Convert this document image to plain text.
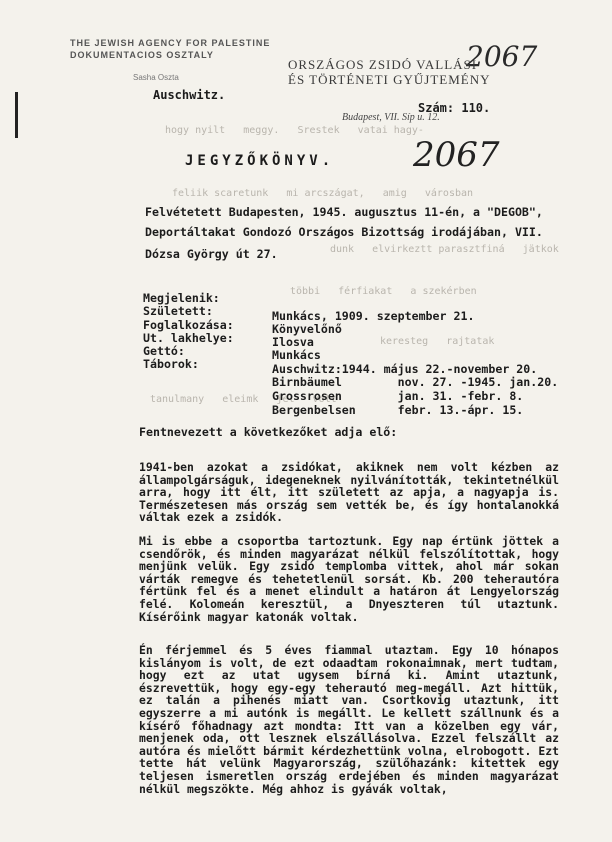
hogy nyilt   meggy.   Srestek   vatai hagy-
feliik scaretunk   mi arcszágat,   amig   városban
dunk   elvirkeztt parasztfiná   jätkok
többi   férfiakat   a szekérben
keresteg   rajtatak
tanulmany   eleimk   jel   volt
THE JEWISH AGENCY FOR PALESTINE
DOKUMENTACIOS OSZTALY
Sasha Oszta
2067
Auschwitz.
ORSZÁGOS ZSIDÓ VALLÁSI
ÉS TÖRTÉNETI GYŰJTEMÉNY
Szám: 110.
Budapest, VII. Síp u. 12.
JEGYZŐKÖNYV. 2067
Felvétetett Budapesten, 1945. augusztus 11-én, a "DEGOB",
Deportáltakat Gondozó Országos Bizottság irodájában, VII.
Dózsa György út 27.
Megjelenik:
Született:	Munkács, 1909. szeptember 21.
Foglalkozása:	Könyvelőnő
Ut. lakhelye:	Ilosva
Gettó:	Munkács
Táborok:	Auschwitz:1944. május 22.-november 20.
Birnbäumel        nov. 27. -1945. jan.20.
Grossrosen        jan. 31. -febr. 8.
Bergenbelsen      febr. 13.-ápr. 15.
Fentnevezett a következőket adja elő:
1941-ben azokat a zsidókat, akiknek nem volt kézben az állampolgárságuk, idegeneknek nyilvánították, tekintetnélkül arra, hogy itt élt, itt született az apja, a nagyapja is. Természetesen más ország sem vették be, és így hontalanokká váltak ezek a zsidók.
Mi is ebbe a csoportba tartoztunk. Egy nap értünk jöttek a csendőrök, és minden magyarázat nélkül felszólítottak, hogy menjünk velük. Egy zsidó templomba vittek, ahol már sokan várták remegve és tehetetlenül sorsát. Kb. 200 teherautóra fértünk fel és a menet elindult a határon át Lengyelország felé. Kolomeán keresztül, a Dnyeszteren túl utaztunk. Kísérőink magyar katonák voltak.
Én férjemmel és 5 éves fiammal utaztam. Egy 10 hónapos kislányom is volt, de ezt odaadtam rokonaimnak, mert tudtam, hogy ezt az utat ugysem bírná ki. Amint utaztunk, észrevettük, hogy egy-egy teherautó meg-megáll. Azt hittük, ez talán a pihenés miatt van. Csortkovig utaztunk, itt egyszerre a mi autónk is megállt. Le kellett szállnunk és a kísérő főhadnagy azt mondta: Itt van a közelben egy vár, menjenek oda, ott lesznek elszállásolva. Ezzel felszállt az autóra és mielőtt bármit kérdezhettünk volna, elrobogott. Ezt tette hát velünk Magyarország, szülőhazánk: kitettek egy teljesen ismeretlen ország erdejében és minden magyarázat nélkül megszökte. Még ahhoz is gyávák voltak,
